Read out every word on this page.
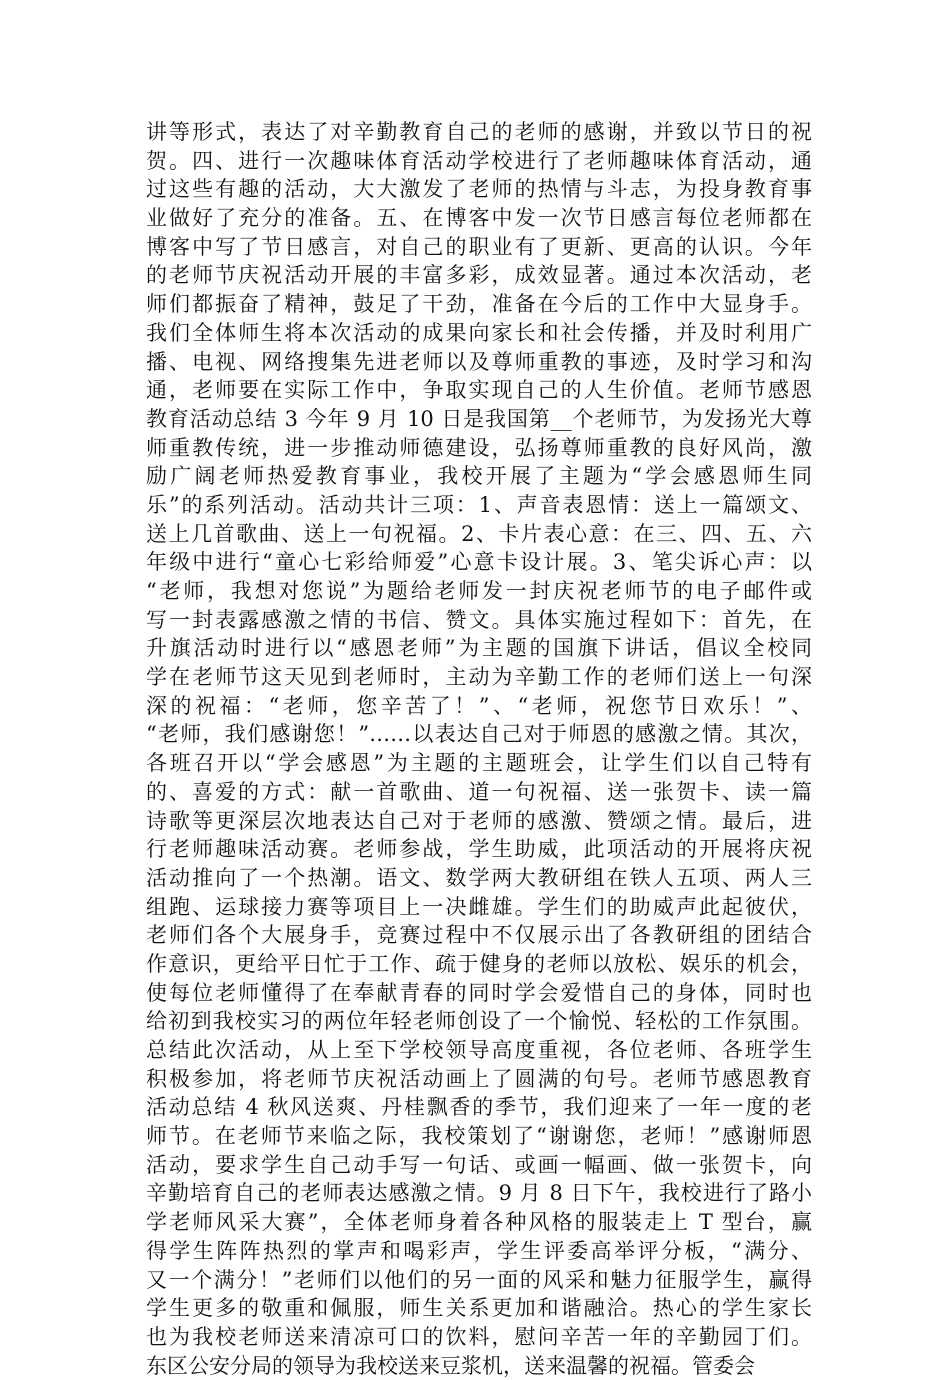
讲等形式，表达了对辛勤教育自己的老师的感谢，并致以节日的祝
贺。四、进行一次趣味体育活动学校进行了老师趣味体育活动，通
过这些有趣的活动，大大激发了老师的热情与斗志，为投身教育事
业做好了充分的准备。五、在博客中发一次节日感言每位老师都在
博客中写了节日感言，对自己的职业有了更新、更高的认识。今年
的老师节庆祝活动开展的丰富多彩，成效显著。通过本次活动，老
师们都振奋了精神，鼓足了干劲，准备在今后的工作中大显身手。
我们全体师生将本次活动的成果向家长和社会传播，并及时利用广
播、电视、网络搜集先进老师以及尊师重教的事迹，及时学习和沟
通，老师要在实际工作中，争取实现自己的人生价值。老师节感恩
教育活动总结 3 今年 9 月 10 日是我国第__个老师节，为发扬光大尊
师重教传统，进一步推动师德建设，弘扬尊师重教的良好风尚，激
励广阔老师热爱教育事业，我校开展了主题为“学会感恩师生同
乐”的系列活动。活动共计三项：1、声音表恩情：送上一篇颂文、
送上几首歌曲、送上一句祝福。2、卡片表心意：在三、四、五、六
年级中进行“童心七彩给师爱”心意卡设计展。3、笔尖诉心声：以
“老师，我想对您说”为题给老师发一封庆祝老师节的电子邮件或
写一封表露感激之情的书信、赞文。具体实施过程如下：首先，在
升旗活动时进行以“感恩老师”为主题的国旗下讲话，倡议全校同
学在老师节这天见到老师时，主动为辛勤工作的老师们送上一句深
深的祝福：“老师，您辛苦了！”、“老师，祝您节日欢乐！”、
“老师，我们感谢您！”……以表达自己对于师恩的感激之情。其次，
各班召开以“学会感恩”为主题的主题班会，让学生们以自己特有
的、喜爱的方式：献一首歌曲、道一句祝福、送一张贺卡、读一篇
诗歌等更深层次地表达自己对于老师的感激、赞颂之情。最后，进
行老师趣味活动赛。老师参战，学生助威，此项活动的开展将庆祝
活动推向了一个热潮。语文、数学两大教研组在铁人五项、两人三
组跑、运球接力赛等项目上一决雌雄。学生们的助威声此起彼伏，
老师们各个大展身手，竞赛过程中不仅展示出了各教研组的团结合
作意识，更给平日忙于工作、疏于健身的老师以放松、娱乐的机会，
使每位老师懂得了在奉献青春的同时学会爱惜自己的身体，同时也
给初到我校实习的两位年轻老师创设了一个愉悦、轻松的工作氛围。
总结此次活动，从上至下学校领导高度重视，各位老师、各班学生
积极参加，将老师节庆祝活动画上了圆满的句号。老师节感恩教育
活动总结 4 秋风送爽、丹桂飘香的季节，我们迎来了一年一度的老
师节。在老师节来临之际，我校策划了“谢谢您，老师！”感谢师恩
活动，要求学生自己动手写一句话、或画一幅画、做一张贺卡，向
辛勤培育自己的老师表达感激之情。9 月 8 日下午，我校进行了路小
学老师风采大赛”，全体老师身着各种风格的服装走上 T 型台，赢
得学生阵阵热烈的掌声和喝彩声，学生评委高举评分板，“满分、
又一个满分！”老师们以他们的另一面的风采和魅力征服学生，赢得
学生更多的敬重和佩服，师生关系更加和谐融洽。热心的学生家长
也为我校老师送来清凉可口的饮料，慰问辛苦一年的辛勤园丁们。
东区公安分局的领导为我校送来豆浆机，送来温馨的祝福。管委会
